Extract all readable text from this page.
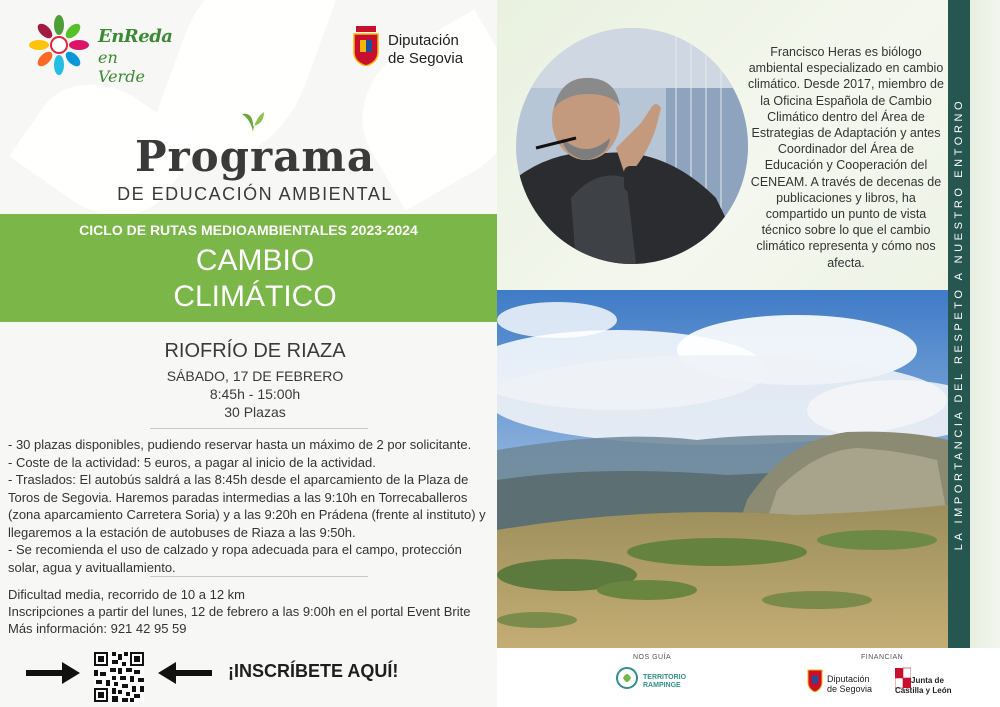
EnReda
en Verde
Diputación
de Segovia
Programa
DE EDUCACIÓN AMBIENTAL
CICLO DE RUTAS MEDIOAMBIENTALES 2023-2024
CAMBIO
CLIMÁTICO
RIOFRÍO DE RIAZA
SÁBADO, 17 DE FEBRERO
8:45h - 15:00h
30 Plazas
- 30 plazas disponibles, pudiendo reservar hasta un máximo de 2 por solicitante.
- Coste de la actividad: 5 euros, a pagar al inicio de la actividad.
- Traslados: El autobús saldrá a las 8:45h desde el aparcamiento de la Plaza de Toros de Segovia. Haremos paradas intermedias a las 9:10h en Torrecaballeros (zona aparcamiento Carretera Soria) y a las 9:20h en Prádena (frente al instituto) y llegaremos a la estación de autobuses de Riaza a las 9:50h.
- Se recomienda el uso de calzado y ropa adecuada para el campo, protección solar, agua y avituallamiento.
Dificultad media, recorrido de 10 a 12 km
Inscripciones a partir del lunes, 12 de febrero a las 9:00h en el portal Event Brite
Más información: 921 42 95 59
¡INSCRÍBETE AQUÍ!
Francisco Heras es biólogo ambiental especializado en cambio climático. Desde 2017, miembro de la Oficina Española de Cambio Climático dentro del Área de Estrategias de Adaptación y antes Coordinador del Área de Educación y Cooperación del CENEAM. A través de decenas de publicaciones y libros, ha compartido un punto de vista técnico sobre lo que el cambio climático representa y cómo nos afecta.	LA IMPORTANCIA DEL RESPETO A NUESTRO ENTORNO
NOS GUÍA
TERRITORIO
RAMPINGE
FINANCIAN
Diputación
de Segovia
Junta de
Castilla y León
